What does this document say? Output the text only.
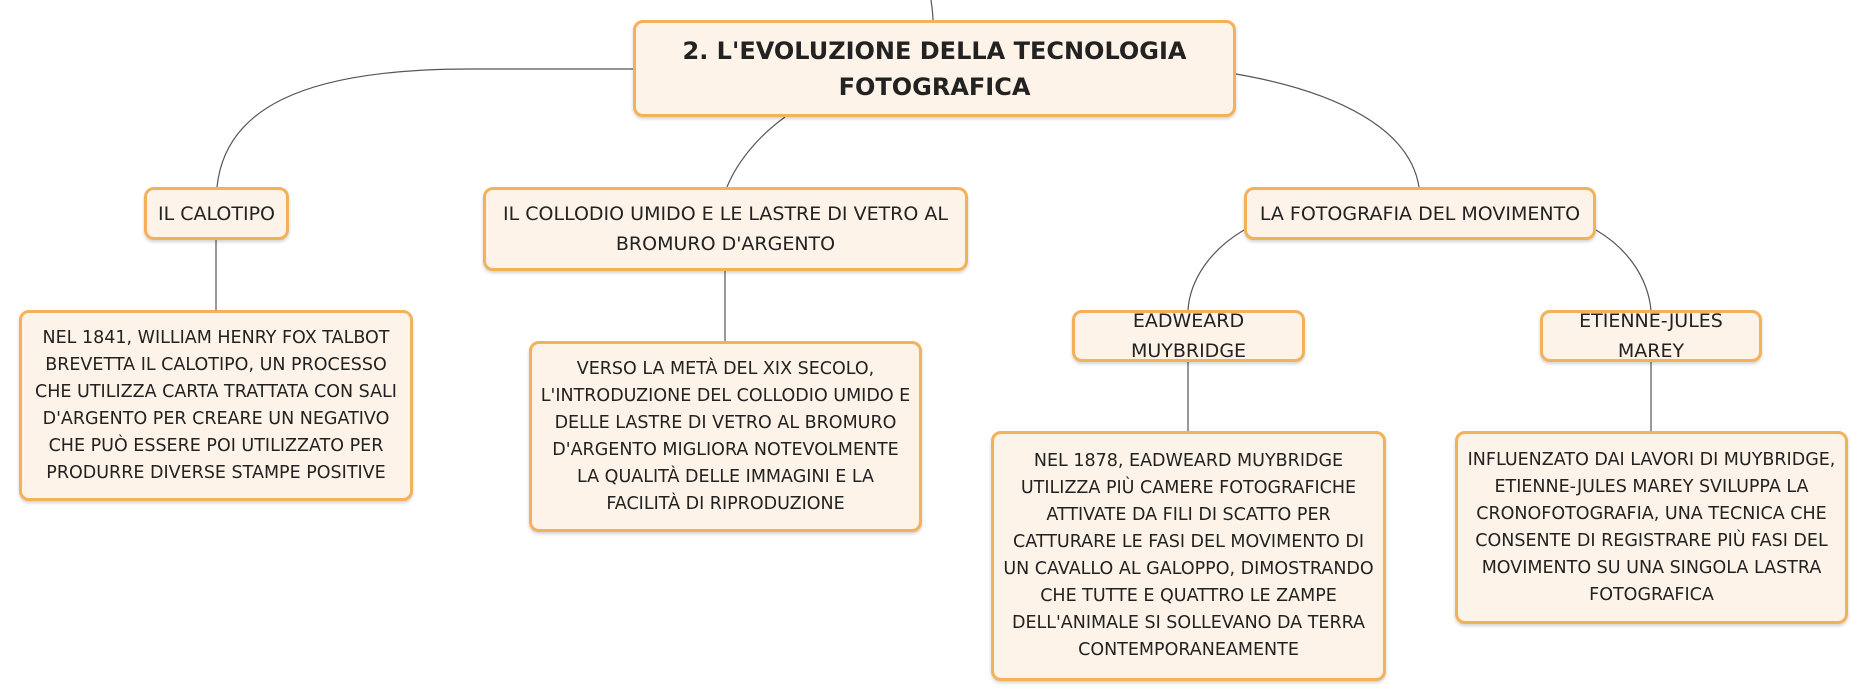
2. L'EVOLUZIONE DELLA TECNOLOGIA FOTOGRAFICA
IL CALOTIPO	IL COLLODIO UMIDO E LE LASTRE DI VETRO AL BROMURO D'ARGENTO
LA FOTOGRAFIA DEL MOVIMENTO
EADWEARD MUYBRIDGE
ETIENNE-JULES MAREY
NEL 1841, WILLIAM HENRY FOX TALBOT BREVETTA IL CALOTIPO, UN PROCESSO CHE UTILIZZA CARTA TRATTATA CON SALI D'ARGENTO PER CREARE UN NEGATIVO CHE PUÒ ESSERE POI UTILIZZATO PER PRODURRE DIVERSE STAMPE POSITIVE
VERSO LA METÀ DEL XIX SECOLO, L'INTRODUZIONE DEL COLLODIO UMIDO E DELLE LASTRE DI VETRO AL BROMURO D'ARGENTO MIGLIORA NOTEVOLMENTE LA QUALITÀ DELLE IMMAGINI E LA FACILITÀ DI RIPRODUZIONE
NEL 1878, EADWEARD MUYBRIDGE UTILIZZA PIÙ CAMERE FOTOGRAFICHE ATTIVATE DA FILI DI SCATTO PER CATTURARE LE FASI DEL MOVIMENTO DI UN CAVALLO AL GALOPPO, DIMOSTRANDO CHE TUTTE E QUATTRO LE ZAMPE DELL'ANIMALE SI SOLLEVANO DA TERRA CONTEMPORANEAMENTE
INFLUENZATO DAI LAVORI DI MUYBRIDGE, ETIENNE-JULES MAREY SVILUPPA LA CRONOFOTOGRAFIA, UNA TECNICA CHE CONSENTE DI REGISTRARE PIÙ FASI DEL MOVIMENTO SU UNA SINGOLA LASTRA FOTOGRAFICA
